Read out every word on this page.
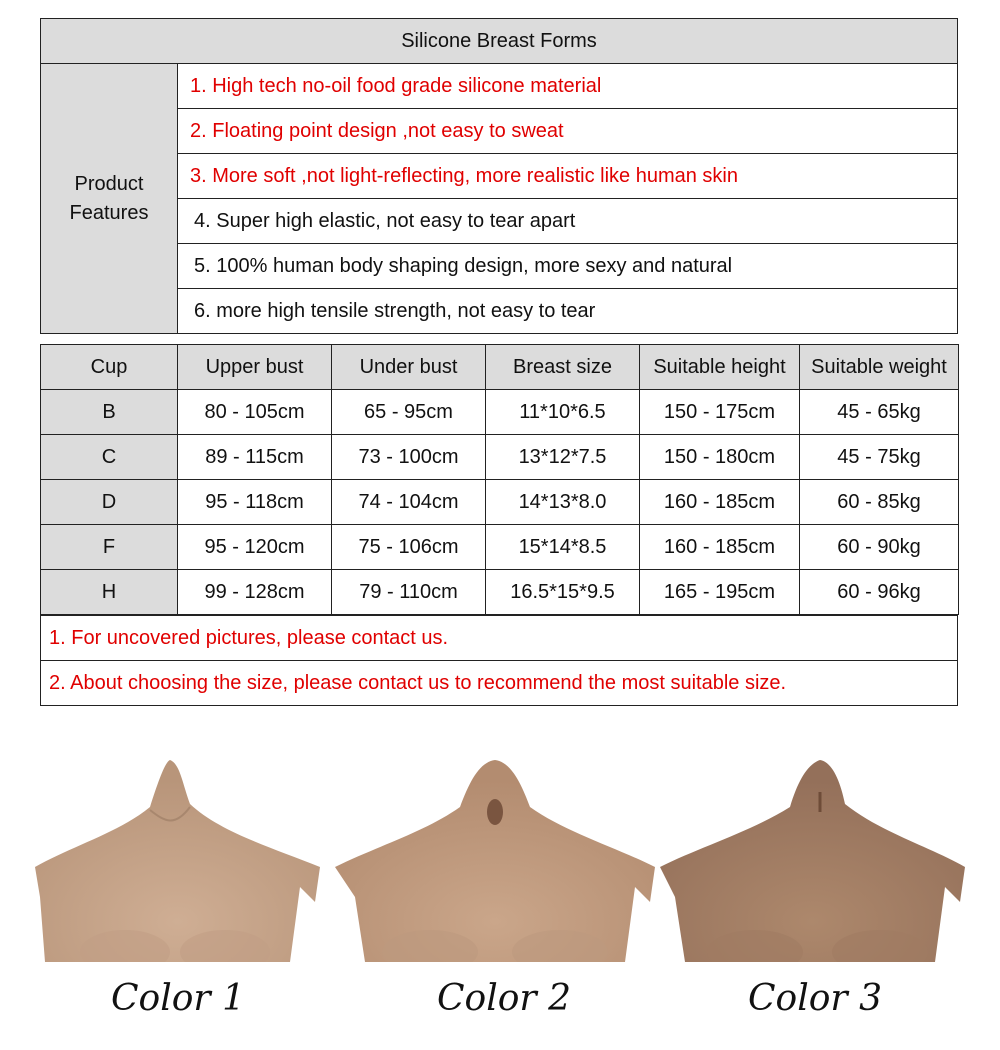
Silicone Breast Forms
Product
Features	1. High tech no-oil food grade silicone material
2. Floating point design ,not easy to sweat
3. More soft ,not light-reflecting, more realistic like human skin
4. Super high elastic, not easy to tear apart
5. 100% human body shaping design, more sexy and natural
6. more high tensile strength, not easy to tear
Cup	Upper bust	Under bust	Breast size	Suitable height	Suitable weight
B	80 - 105cm	65 - 95cm	11*10*6.5	150 - 175cm	45 - 65kg
C	89 - 115cm	73 - 100cm	13*12*7.5	150 - 180cm	45 - 75kg
D	95 - 118cm	74 - 104cm	14*13*8.0	160 - 185cm	60 - 85kg
F	95 - 120cm	75 - 106cm	15*14*8.5	160 - 185cm	60 - 90kg
H	99 - 128cm	79 - 110cm	16.5*15*9.5	165 - 195cm	60 - 96kg
1. For uncovered pictures, please contact us.
2. About choosing the size, please contact us to recommend the most suitable size.
Color 1	Color 2	Color 3
